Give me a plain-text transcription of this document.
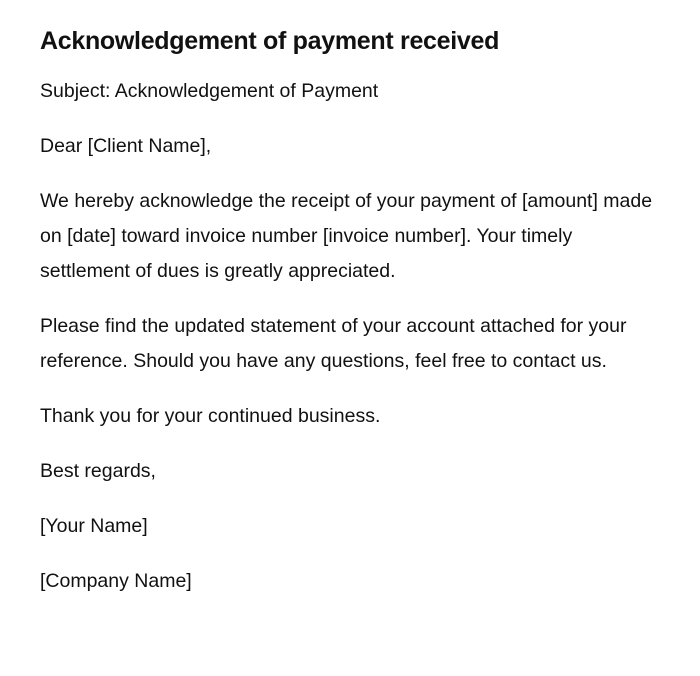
Acknowledgement of payment received

Subject: Acknowledgement of Payment

Dear [Client Name],

We hereby acknowledge the receipt of your payment of [amount] made on [date] toward invoice number [invoice number]. Your timely settlement of dues is greatly appreciated.

Please find the updated statement of your account attached for your reference. Should you have any questions, feel free to contact us.

Thank you for your continued business.

Best regards,

[Your Name]

[Company Name]
